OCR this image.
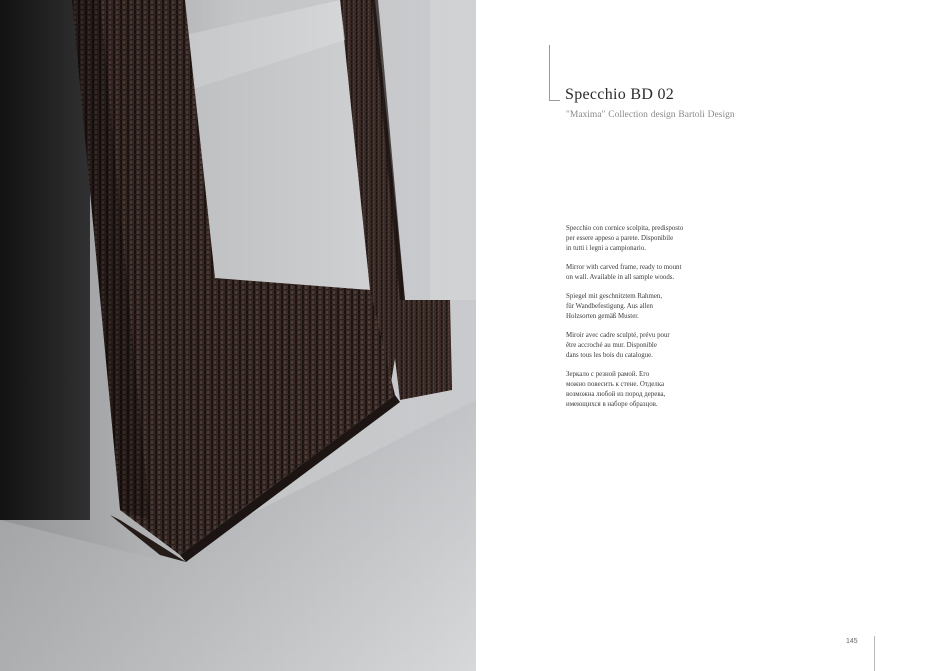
Specchio BD 02

"Maxima" Collection design Bartoli Design

Specchio con cornice scolpita, predisposto
per essere appeso a parete. Disponibile
in tutti i legni a campionario.

Mirror with carved frame, ready to mount
on wall. Available in all sample woods.

Spiegel mit geschnitztem Rahmen,
für Wandbefestigung. Aus allen
Holzsorten gemäß Muster.

Miroir avec cadre sculpté, prévu pour
être accroché au mur. Disponible
dans tous les bois du catalogue.

Зеркало с резной рамой. Его
можно повесить к стене. Отделка
возможна любой из пород дерева,
имеющихся в наборе образцов.

145
